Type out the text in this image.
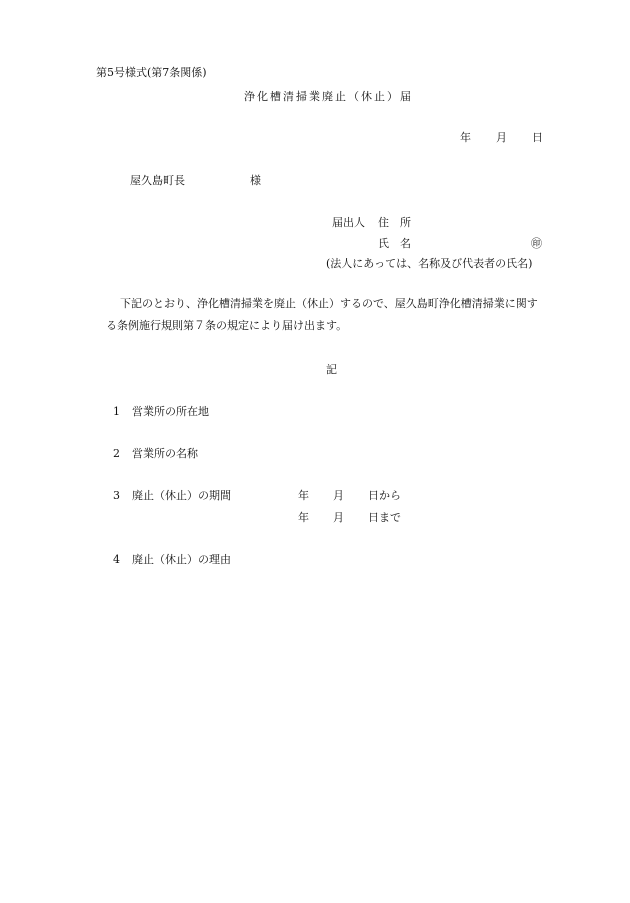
第5号様式(第7条関係)
浄化槽清掃業廃止（休止）届
年 月 日
屋久島町長	様
届出人 住　所
氏　名	㊞
(法人にあっては、名称及び代表者の氏名)
下記のとおり、浄化槽清掃業を廃止（休止）するので、屋久島町浄化槽清掃業に関す
る条例施行規則第７条の規定により届け出ます。
記
1 営業所の所在地
2 営業所の名称
3 廃止（休止）の期間	年 月 日から
年 月 日まで
4 廃止（休止）の理由
